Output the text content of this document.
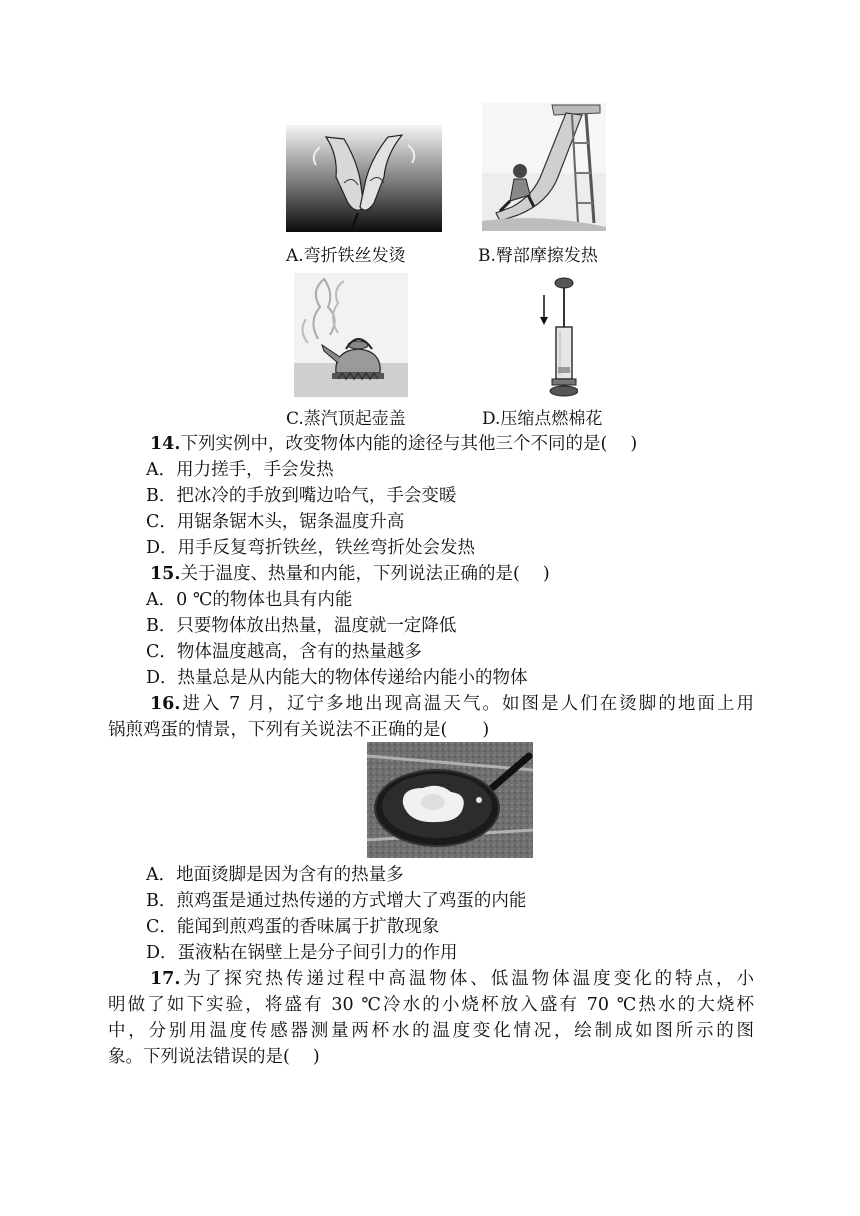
A.弯折铁丝发烫	B.臀部摩擦发热
C.蒸汽顶起壶盖	D.压缩点燃棉花
14.下列实例中，改变物体内能的途径与其他三个不同的是(　 )
A．用力搓手，手会发热
B．把冰冷的手放到嘴边哈气，手会变暖
C．用锯条锯木头，锯条温度升高
D．用手反复弯折铁丝，铁丝弯折处会发热
15.关于温度、热量和内能，下列说法正确的是(　 )
A．0 ℃的物体也具有内能
B．只要物体放出热量，温度就一定降低
C．物体温度越高，含有的热量越多
D．热量总是从内能大的物体传递给内能小的物体
16.进入 7 月，辽宁多地出现高温天气。如图是人们在烫脚的地面上用
锅煎鸡蛋的情景，下列有关说法不正确的是(　　)
A．地面烫脚是因为含有的热量多
B．煎鸡蛋是通过热传递的方式增大了鸡蛋的内能
C．能闻到煎鸡蛋的香味属于扩散现象
D．蛋液粘在锅壁上是分子间引力的作用
17.为了探究热传递过程中高温物体、低温物体温度变化的特点，小
明做了如下实验，将盛有 30 ℃冷水的小烧杯放入盛有 70 ℃热水的大烧杯
中，分别用温度传感器测量两杯水的温度变化情况，绘制成如图所示的图
象。下列说法错误的是(　 )
